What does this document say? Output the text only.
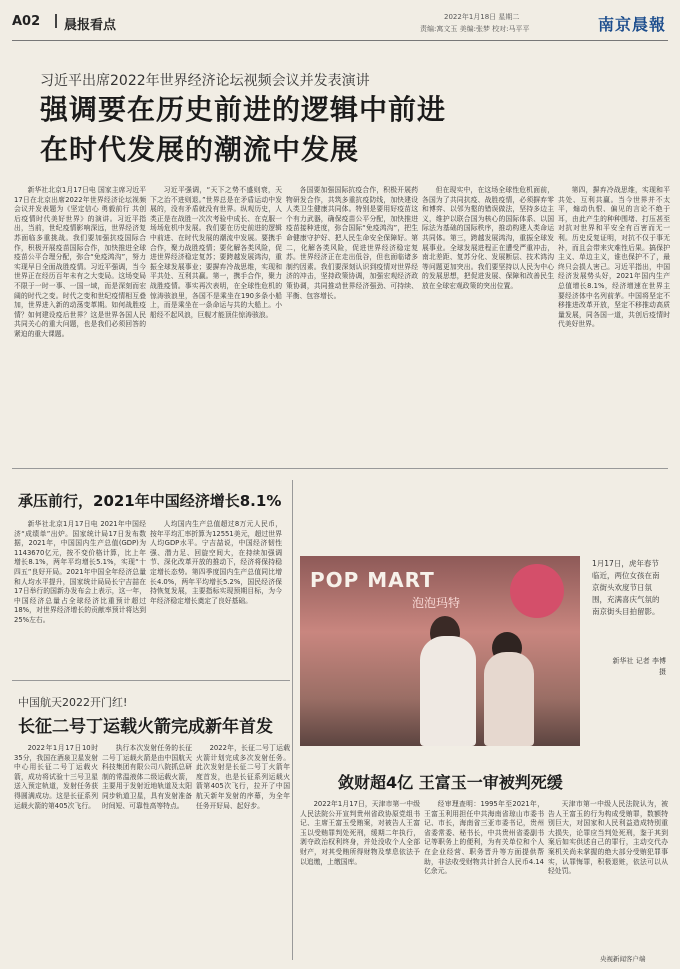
A02 晨报看点
2022年1月18日 星期二
责编:寓文玉 美编:张梦 校对:马平平	南京晨報
习近平出席2022年世界经济论坛视频会议并发表演讲
强调要在历史前进的逻辑中前进
在时代发展的潮流中发展

新华社北京1月17日电 国家主席习近平17日在北京出席2022年世界经济论坛视频会议并发表题为《坚定信心 勇毅前行 共创后疫情时代美好世界》的演讲。习近平指出，当前，世纪疫情影响深远，世界经济复苏面临多重挑战。我们要加强抗疫国际合作，积极开展疫苗国际合作，加快推进全球疫苗公平合理分配，弥合“免疫鸿沟”，努力实现早日全面战胜疫情。习近平强调，当今世界正在经历百年未有之大变局。这场变局不限于一时一事、一国一域，而是深刻而宏阔的时代之变。时代之变和世纪疫情相互叠加，世界进入新的动荡变革期。如何战胜疫情？如何建设疫后世界？这是世界各国人民共同关心的重大问题，也是我们必须回答的紧迫的重大课题。

习近平强调，“天下之势不盛则衰，天下之治不进则退。”世界总是在矛盾运动中发展的，没有矛盾就没有世界。纵观历史，人类正是在战胜一次次考验中成长、在克服一场场危机中发展。我们要在历史前进的逻辑中前进、在时代发展的潮流中发展。要携手合作，聚力战胜疫情；要化解各类风险，促进世界经济稳定复苏；要跨越发展鸿沟，重振全球发展事业；要摒弃冷战思维，实现和平共处、互利共赢。第一，携手合作，聚力战胜疫情。事实再次表明，在全球性危机的惊涛骇浪里，各国不是乘坐在190多条小船上，而是乘坐在一条命运与共的大船上。小船经不起风浪，巨舰才能顶住惊涛骇浪。

各国要加强国际抗疫合作，积极开展药物研发合作，共筑多重抗疫防线，加快建设人类卫生健康共同体。特别是要用好疫苗这个有力武器，确保疫苗公平分配，加快推进疫苗接种进度，弥合国际“免疫鸿沟”，把生命健康守护好、把人民生命安全保障好。第二，化解各类风险，促进世界经济稳定复苏。世界经济正在走出低谷，但也面临诸多制约因素。我们要深刻认识到疫情对世界经济的冲击，坚持政策协调，加强宏观经济政策协调，共同推动世界经济强劲、可持续、平衡、包容增长。

但在现实中，在这场全球性危机面前，各国为了共同抗疫、战胜疫情，必须摒弃零和博弈、以邻为壑的错误做法，坚持多边主义，维护以联合国为核心的国际体系、以国际法为基础的国际秩序，推动构建人类命运共同体。第三，跨越发展鸿沟，重振全球发展事业。全球发展进程正在遭受严重冲击，南北差距、复苏分化、发展断层、技术鸿沟等问题更加突出。我们要坚持以人民为中心的发展思想，把促进发展、保障和改善民生放在全球宏观政策的突出位置。

第四，摒弃冷战思维，实现和平共处、互利共赢。当今世界并不太平，煽动仇恨、偏见的言论不绝于耳，由此产生的种种围堵、打压甚至对抗对世界和平安全有百害而无一利。历史反复证明，对抗不仅于事无补，而且会带来灾难性后果。搞保护主义、单边主义，谁也保护不了，最终只会损人害己。习近平指出，中国经济发展势头好，2021年国内生产总值增长8.1%，经济增速在世界主要经济体中名列前茅。中国将坚定不移推进改革开放，坚定不移推动高质量发展，同各国一道，共创后疫情时代美好世界。

承压前行，2021年中国经济增长8.1%

新华社北京1月17日电 2021年中国经济“成绩单”出炉。国家统计局17日发布数据，2021年，中国国内生产总值(GDP)为1143670亿元，按不变价格计算，比上年增长8.1%，两年平均增长5.1%，实现“十四五”良好开局。2021年中国全年经济总量和人均水平提升，国家统计局局长宁吉喆在17日举行的国新办发布会上表示，这一年，中国经济总量占全球经济比重预计超过18%，对世界经济增长的贡献率预计将达到25%左右。

人均国内生产总值超过8万元人民币，按年平均汇率折算为12551美元，超过世界人均GDP水平。宁吉喆说，中国经济韧性强、潜力足、回旋空间大，在持续加强调节、深化改革开放的推动下，经济将保持稳定增长态势。第四季度国内生产总值同比增长4.0%，两年平均增长5.2%，国民经济保持恢复发展，主要指标实现预期目标，为今年经济稳定增长奠定了良好基础。

中国航天2022开门红!
长征二号丁运载火箭完成新年首发

2022年1月17日10时35分，我国在酒泉卫星发射中心用长征二号丁运载火箭，成功将试验十三号卫星送入预定轨道，发射任务获得圆满成功。这是长征系列运载火箭的第405次飞行。

执行本次发射任务的长征二号丁运载火箭是由中国航天科技集团有限公司八院抓总研制的常温液体二级运载火箭，主要用于发射近地轨道及太阳同步轨道卫星，具有发射准备时间短、可靠性高等特点。

2022年，长征二号丁运载火箭计划完成多次发射任务。此次发射是长征二号丁火箭年度首发，也是长征系列运载火箭第405次飞行，拉开了中国航天新年发射的序幕，为全年任务开好局、起好步。

POP MART
泡泡玛特
1月17日，虎年春节临近，两位女孩在南京街头欢度节日氛围，充满喜庆气氛的南京街头目拍留影。
新华社 记者 李博 摄
敛财超4亿 王富玉一审被判死缓

2022年1月17日，天津市第一中级人民法院公开宣判贵州省政协原党组书记、主席王富玉受贿案，对被告人王富玉以受贿罪判处死刑，缓期二年执行，剥夺政治权利终身，并处没收个人全部财产，对其受贿所得财物及孳息依法予以追缴，上缴国库。

经审理查明：1995年至2021年，王富玉利用担任中共海南省琼山市委书记、市长，海南省三亚市委书记，贵州省委常委、秘书长，中共贵州省委副书记等职务上的便利，为有关单位和个人在企业经营、职务晋升等方面提供帮助，非法收受财物共计折合人民币4.14亿余元。

天津市第一中级人民法院认为，被告人王富玉的行为构成受贿罪，数额特别巨大，对国家和人民利益造成特别重大损失，论罪应当判处死刑，鉴于其到案后如实供述自己的罪行，主动交代办案机关尚未掌握的绝大部分受贿犯罪事实，认罪悔罪，积极退赃，依法可以从轻处罚。

央视新闻客户端
